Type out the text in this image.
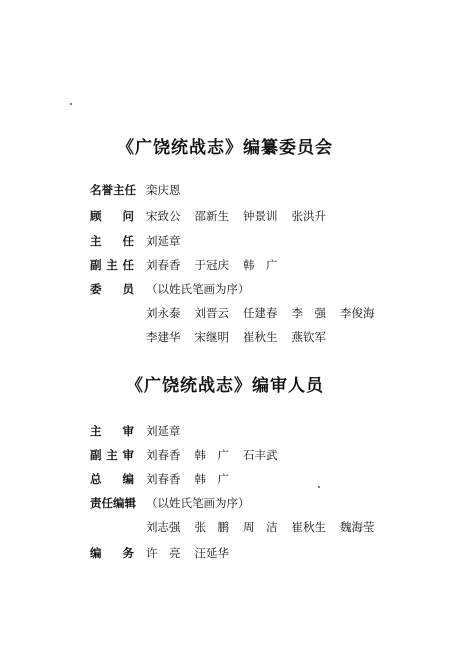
《广饶统战志》编纂委员会
名誉主任 栾庆恩
顾 问 宋致公 邵新生 钟景训 张洪升
主 任 刘延章
副 主 任 刘春香 于冠庆 韩　广
委 员 （以姓氏笔画为序）
刘永泰 刘晋云 任建春 李　强 李俊海
李建华 宋继明 崔秋生 燕钦军
《广饶统战志》编审人员
主 审 刘延章
副 主 审 刘春香 韩　广 石丰武
总 编 刘春香 韩　广
责任编辑 （以姓氏笔画为序）
刘志强 张　鹏 周　洁 崔秋生 魏海莹
编 务 许　亮 汪延华
